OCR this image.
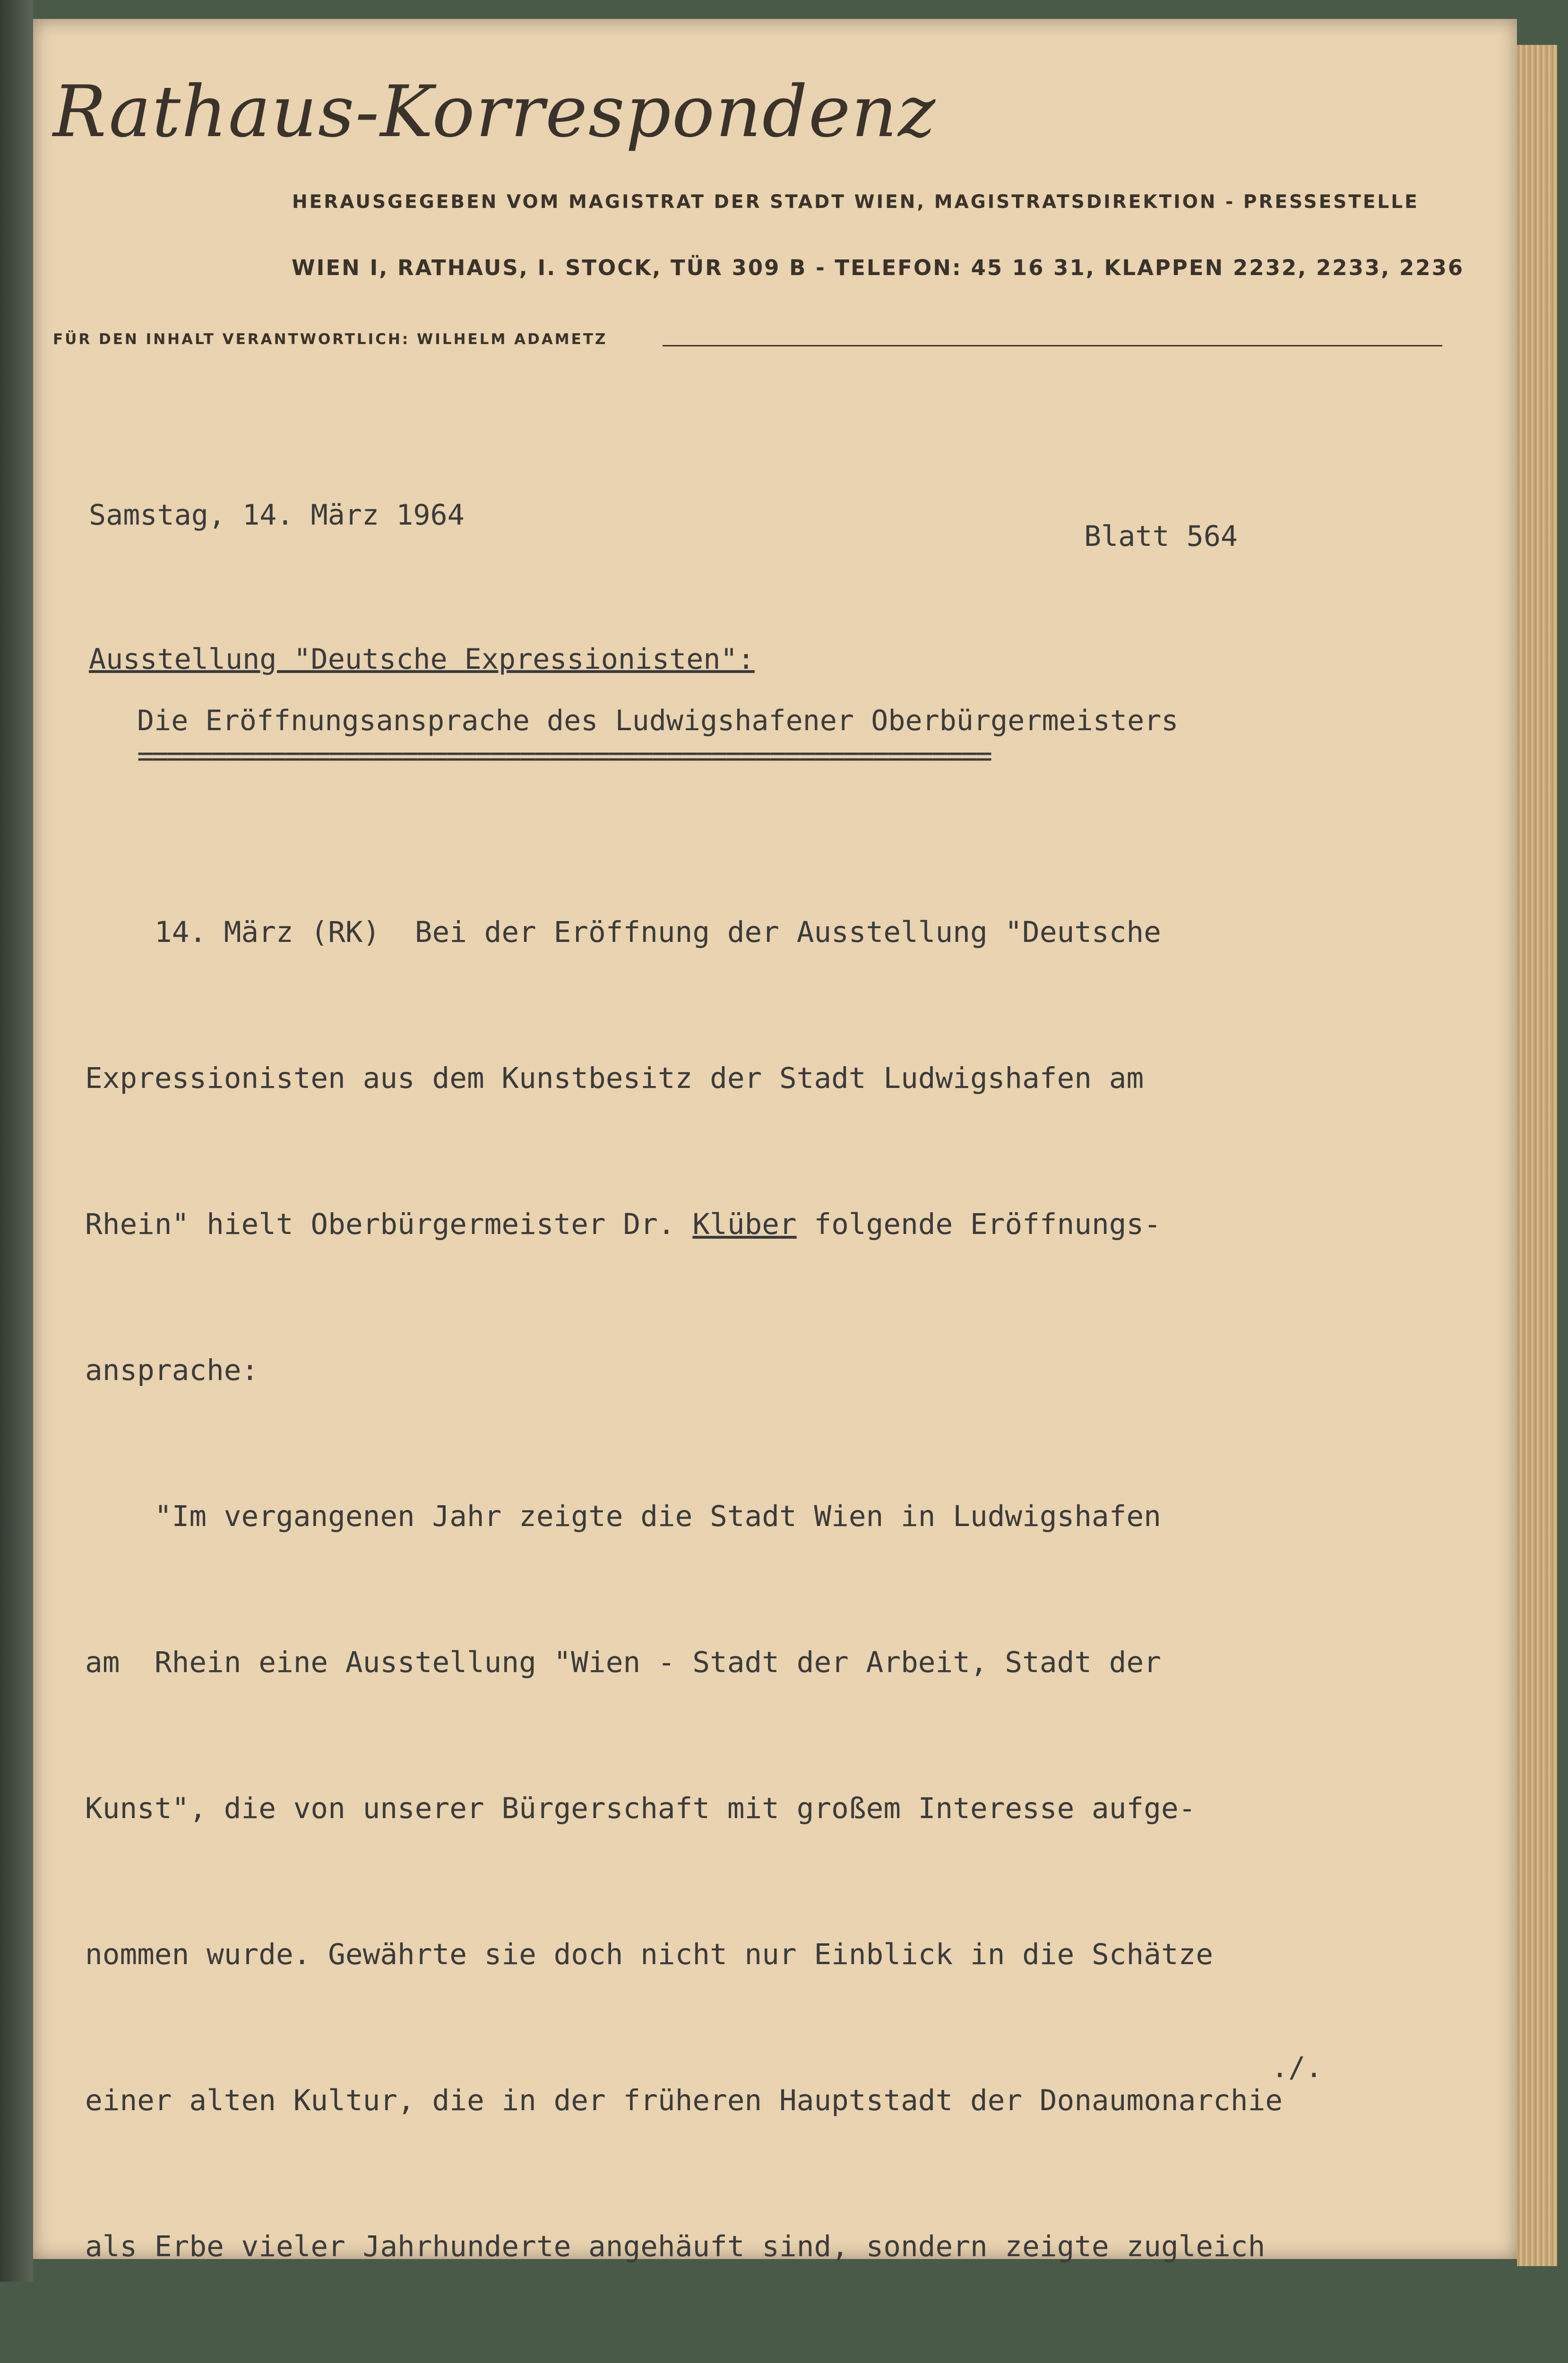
Rathaus-Korrespondenz
HERAUSGEGEBEN VOM MAGISTRAT DER STADT WIEN, MAGISTRATSDIREKTION - PRESSESTELLE
WIEN I, RATHAUS, I. STOCK, TÜR 309 B - TELEFON: 45 16 31, KLAPPEN 2232, 2233, 2236
FÜR DEN INHALT VERANTWORTLICH: WILHELM ADAMETZ
Samstag, 14. März 1964
Blatt 564
Ausstellung "Deutsche Expressionisten":
Die Eröffnungsansprache des Ludwigshafener Oberbürgermeisters
==========================================================

14. März (RK)  Bei der Eröffnung der Ausstellung "Deutsche

Expressionisten aus dem Kunstbesitz der Stadt Ludwigshafen am

Rhein" hielt Oberbürgermeister Dr. Klüber folgende Eröffnungs-

ansprache:

"Im vergangenen Jahr zeigte die Stadt Wien in Ludwigshafen

am  Rhein eine Ausstellung "Wien - Stadt der Arbeit, Stadt der

Kunst", die von unserer Bürgerschaft mit großem Interesse aufge-

nommen wurde. Gewährte sie doch nicht nur Einblick in die Schätze

einer alten Kultur, die in der früheren Hauptstadt der Donaumonarchie

als Erbe vieler Jahrhunderte angehäuft sind, sondern zeigte zugleich

./.
